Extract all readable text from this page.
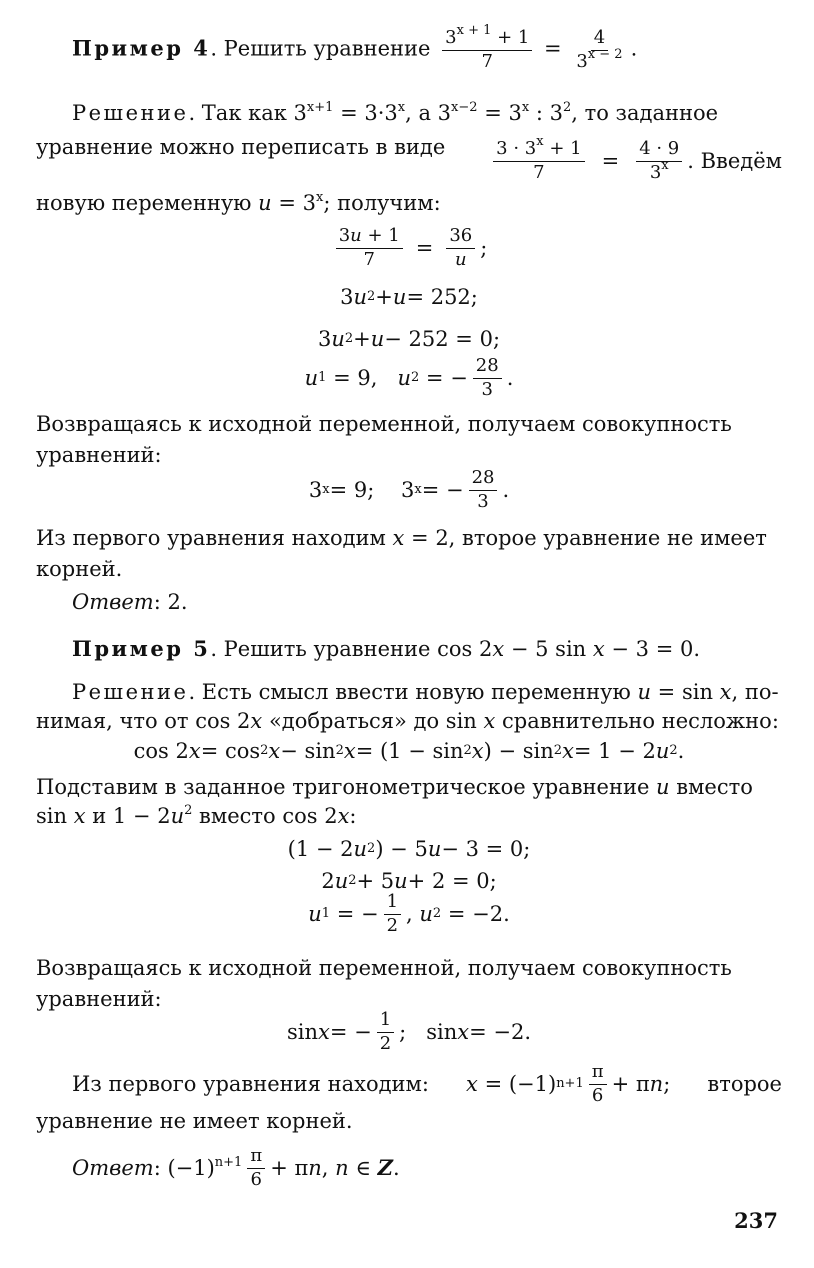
Пример 4. Решить уравнение $\frac{3^{x + 1} + 1}{7} = \frac{4}{3^{x - 2}}$ .
Решение. Так как $3^{x+1} = 3\cdot 3^x$, а $3^{x-2} = 3^x$ : $3^2$, то заданное
уравнение можно переписать в виде	$\frac{3 \cdot 3^x + 1}{7} = \frac{4 \cdot 9}{3^x}$ . Введём
новую переменную $u = 3^x$; получим:
$\frac{3u + 1}{7} = \frac{36}{u}$ ;
3 u 2 + u = 252;
3 u 2 + u − 252 = 0;
u 1 = 9, u 2 = − $\frac{28}{3}$ .
Возвращаясь к исходной переменной, получаем совокупность
уравнений:
3 x = 9;    3 x = − $\frac{28}{3}$ .
Из первого уравнения находим x = 2, второе уравнение не имеет
корней.
Ответ: 2.
Пример 5. Решить уравнение cos 2x − 5 sin x − 3 = 0.
Решение. Есть смысл ввести новую переменную u = sin x, по-
нимая, что от cos 2x «добраться» до sin x сравнительно несложно:
cos 2 x = cos 2 x − sin 2 x = (1 − sin 2 x ) − sin 2 x = 1 − 2 u 2 .
Подставим в заданное тригонометрическое уравнение u вместо
sin x и $1 - 2u^2$ вместо cos 2x:
(1 − 2 u 2 ) − 5 u − 3 = 0;
2 u 2 + 5 u + 2 = 0;
u 1 = − $\frac{1}{2}$ , u 2 = −2.
Возвращаясь к исходной переменной, получаем совокупность
уравнений:
sin x = − $\frac{1}{2}$ ;   sin x = −2.
Из первого уравнения находим: x = (−1) $n+1 \frac{\pi}{6} + \pi$ n ; второе
уравнение не имеет корней.
Ответ : $(-1)^{n+1} \frac{\pi}{6} + \pi n$, n ∈ Z.
237
